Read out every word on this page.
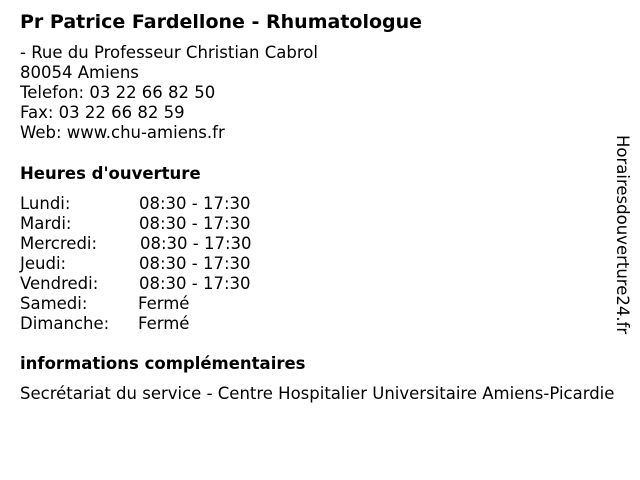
Pr Patrice Fardellone - Rhumatologue
- Rue du Professeur Christian Cabrol
80054 Amiens
Telefon: 03 22 66 82 50
Fax: 03 22 66 82 59
Web: www.chu-amiens.fr
Heures d'ouverture
Lundi:	08:30 - 17:30
Mardi:	08:30 - 17:30
Mercredi:	08:30 - 17:30
Jeudi:	08:30 - 17:30
Vendredi: 08:30 - 17:30
Samedi:	Fermé
Dimanche: Fermé
informations complémentaires
Secrétariat du service - Centre Hospitalier Universitaire Amiens-Picardie
Horairesdouverture24.fr
